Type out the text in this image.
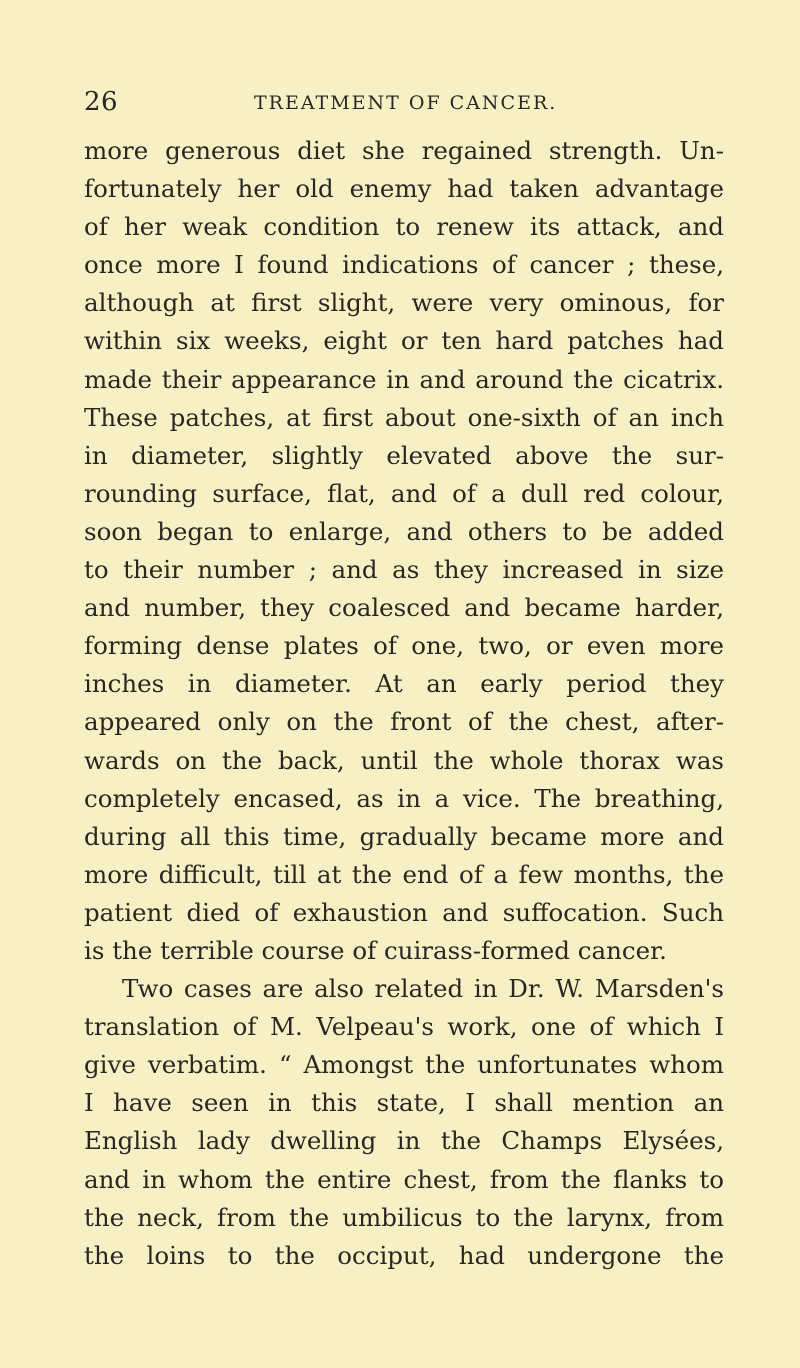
26	TREATMENT OF CANCER.
more generous diet she regained strength. Un-
fortunately her old enemy had taken advantage
of her weak condition to renew its attack, and
once more I found indications of cancer ; these,
although at first slight, were very ominous, for
within six weeks, eight or ten hard patches had
made their appearance in and around the cicatrix.
These patches, at first about one-sixth of an inch
in diameter, slightly elevated above the sur-
rounding surface, flat, and of a dull red colour,
soon began to enlarge, and others to be added
to their number ; and as they increased in size
and number, they coalesced and became harder,
forming dense plates of one, two, or even more
inches in diameter. At an early period they
appeared only on the front of the chest, after-
wards on the back, until the whole thorax was
completely encased, as in a vice. The breathing,
during all this time, gradually became more and
more difficult, till at the end of a few months, the
patient died of exhaustion and suffocation. Such
is the terrible course of cuirass-formed cancer.
Two cases are also related in Dr. W. Marsden's
translation of M. Velpeau's work, one of which I
give verbatim. “ Amongst the unfortunates whom
I have seen in this state, I shall mention an
English lady dwelling in the Champs Elysées,
and in whom the entire chest, from the flanks to
the neck, from the umbilicus to the larynx, from
the loins to the occiput, had undergone the
